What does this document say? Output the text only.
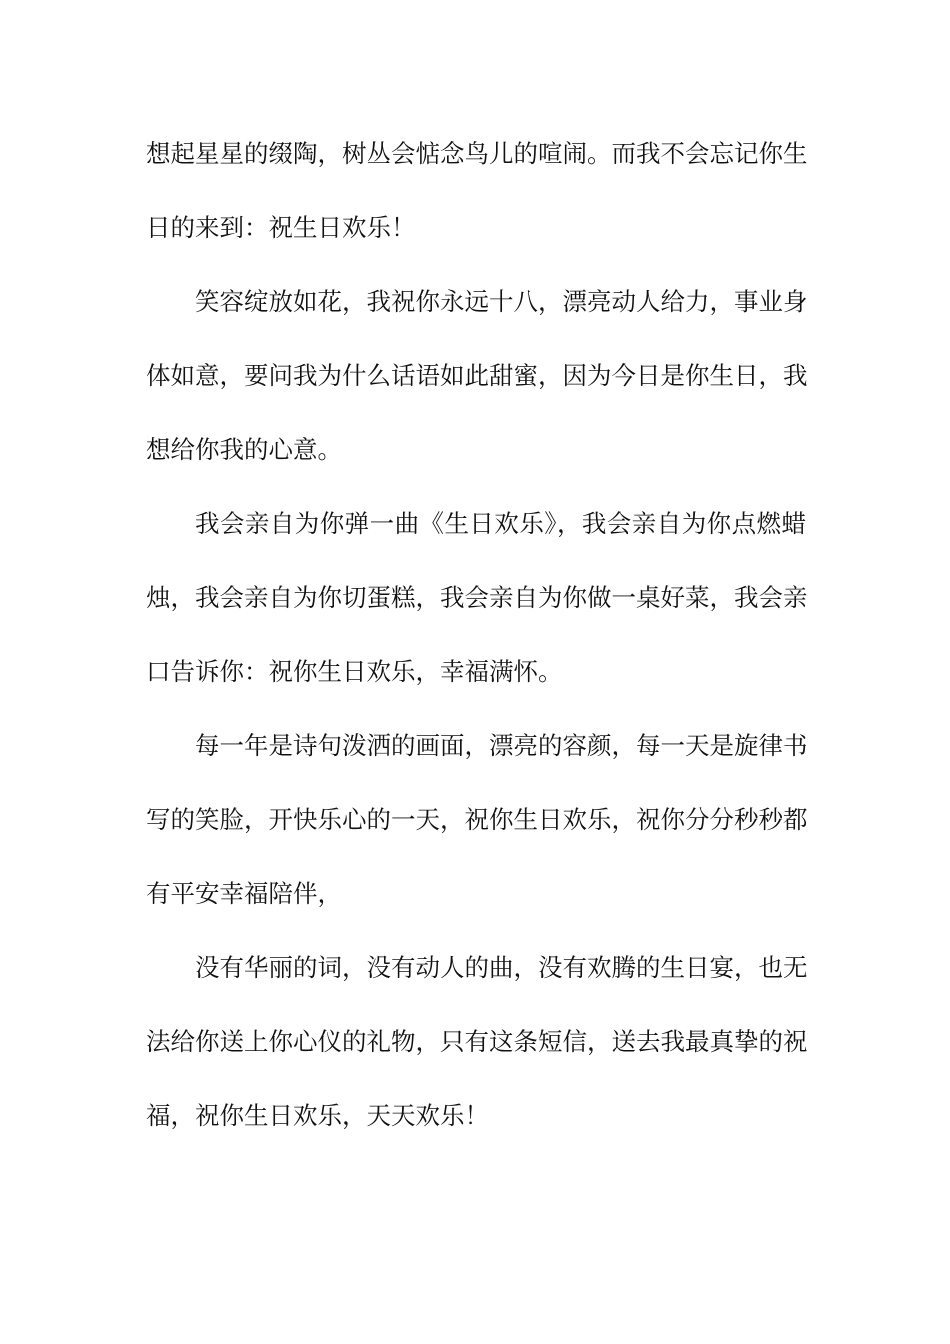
想起星星的缀陶，树丛会惦念鸟儿的喧闹。而我不会忘记你生
日的来到：祝生日欢乐！
笑容绽放如花，我祝你永远十八，漂亮动人给力，事业身
体如意，要问我为什么话语如此甜蜜，因为今日是你生日，我
想给你我的心意。
我会亲自为你弹一曲《生日欢乐》，我会亲自为你点燃蜡
烛，我会亲自为你切蛋糕，我会亲自为你做一桌好菜，我会亲
口告诉你：祝你生日欢乐，幸福满怀。
每一年是诗句泼洒的画面，漂亮的容颜，每一天是旋律书
写的笑脸，开快乐心的一天，祝你生日欢乐，祝你分分秒秒都
有平安幸福陪伴，
没有华丽的词，没有动人的曲，没有欢腾的生日宴，也无
法给你送上你心仪的礼物，只有这条短信，送去我最真挚的祝
福，祝你生日欢乐，天天欢乐！
